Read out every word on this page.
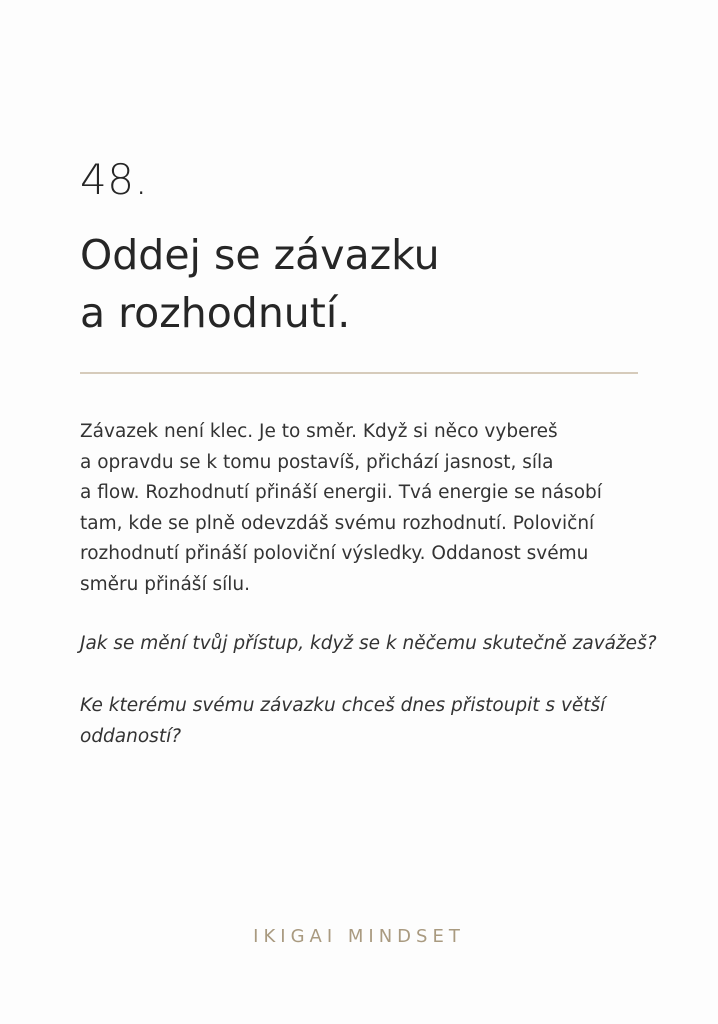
48.

Oddej se závazku
a rozhodnutí.

Závazek není klec. Je to směr. Když si něco vybereš
a opravdu se k tomu postavíš, přichází jasnost, síla
a flow. Rozhodnutí přináší energii. Tvá energie se násobí
tam, kde se plně odevzdáš svému rozhodnutí. Poloviční
rozhodnutí přináší poloviční výsledky. Oddanost svému
směru přináší sílu.

Jak se mění tvůj přístup, když se k něčemu skutečně zavážeš?

Ke kterému svému závazku chceš dnes přistoupit s větší
oddaností?

IKIGAI MINDSET
